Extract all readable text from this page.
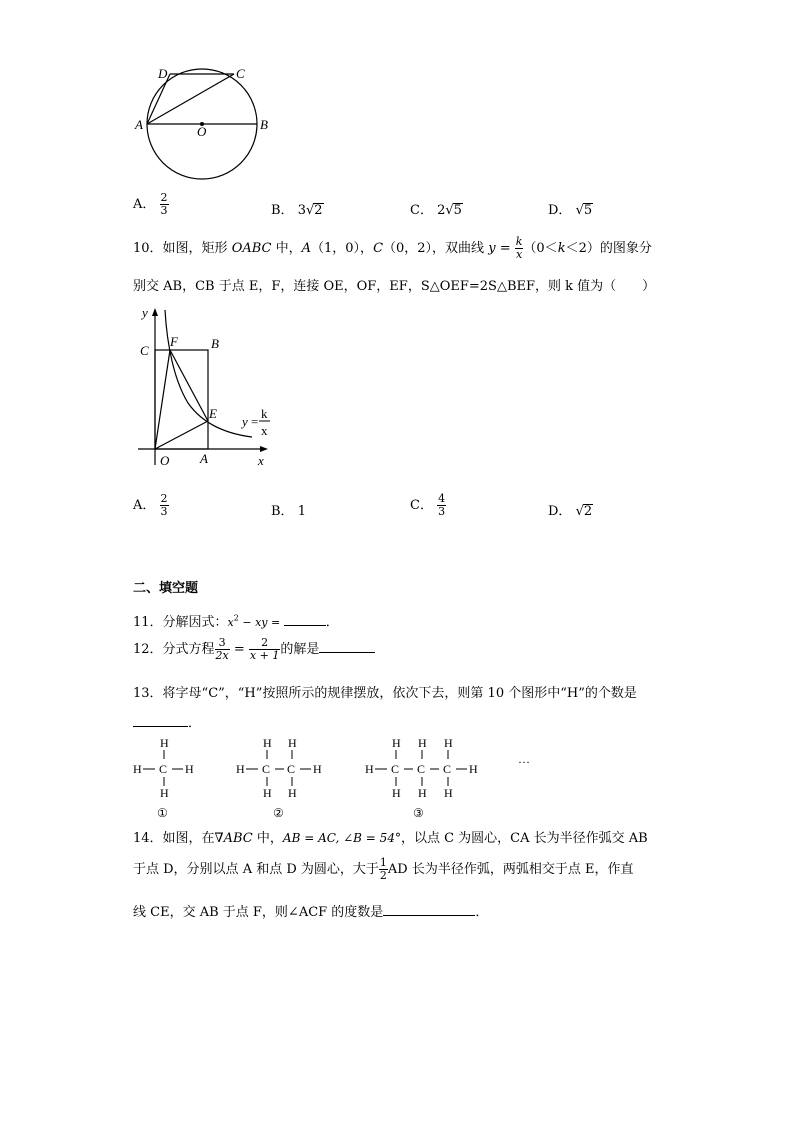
D	C
A	O	B
A． $\frac{2}{3}$	B． 3√2	C． 2√5	D． √5
10．如图，矩形 OABC 中，A（1，0），C（0，2），双曲线 $y = \frac{k}{x} (0<k<2)$的图象分
别交 AB，CB 于点 E，F，连接 OE，OF，EF，S△OEF=2S△BEF，则 k 值为（　　）
y
x
C
F	B
E
O A
y =
k
x
A． $\frac{2}{3}$	B． 1	C． $\frac{4}{3}$	D． √2
二、填空题
11．分解因式：$x^2$ − xy =	．
12．分式方程 $\frac{3}{2x} = \frac{2}{x + 1}$ 的解是
13．将字母“C”，“H”按照所示的规律摆放，依次下去，则第 10 个图形中“H”的个数是
．
H
H C H
H
①
H H
H C C H
H H
②
H H H
H C C C H
H H H
③
···
14．如图，在∇ABC 中，AB = AC, ∠B = 54°，以点 C 为圆心，CA 长为半径作弧交 AB
于点 D，分别以点 A 和点 D 为圆心，大于 $\frac{1}{2}$ AD 长为半径作弧，两弧相交于点 E，作直
线 CE，交 AB 于点 F，则∠ACF 的度数是	．
